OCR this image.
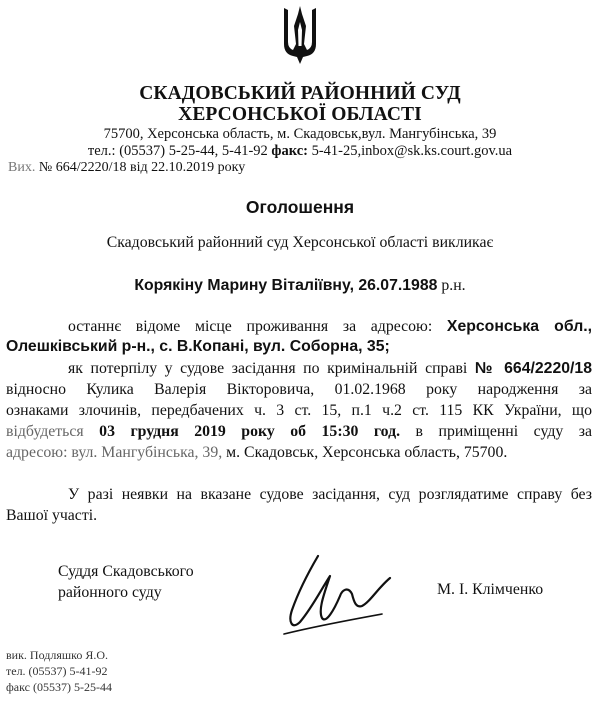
СКАДОВСЬКИЙ РАЙОННИЙ СУД
ХЕРСОНСЬКОЇ ОБЛАСТІ
75700, Херсонська область, м. Скадовськ,вул. Мангубінська, 39
тел.: (05537) 5-25-44, 5-41-92 факс: 5-41-25,inbox@sk.ks.court.gov.ua
Вих. № 664/2220/18 від 22.10.2019 року
Оголошення
Скадовський районний суд Херсонської області викликає
Корякіну Марину Віталіївну, 26.07.1988 р.н.
останнє відоме місце проживання за адресою: Херсонська обл.,
Олешківський р-н., с. В.Копані, вул. Соборна, 35;
як потерпілу у судове засідання по кримінальній справі № 664/2220/18
відносно Кулика Валерія Вікторовича, 01.02.1968 року народження за
ознаками злочинів, передбачених ч. 3 ст. 15, п.1 ч.2 ст. 115 КК України, що
відбудеться 03 грудня 2019 року об 15:30 год. в приміщенні суду за
адресою: вул. Мангубінська, 39, м. Скадовськ, Херсонська область, 75700.
У разі неявки на вказане судове засідання, суд розглядатиме справу без
Вашої участі.
Суддя Скадовського
районного суду	М. І. Клімченко
вик. Подляшко Я.О.
тел. (05537) 5-41-92
факс (05537) 5-25-44
